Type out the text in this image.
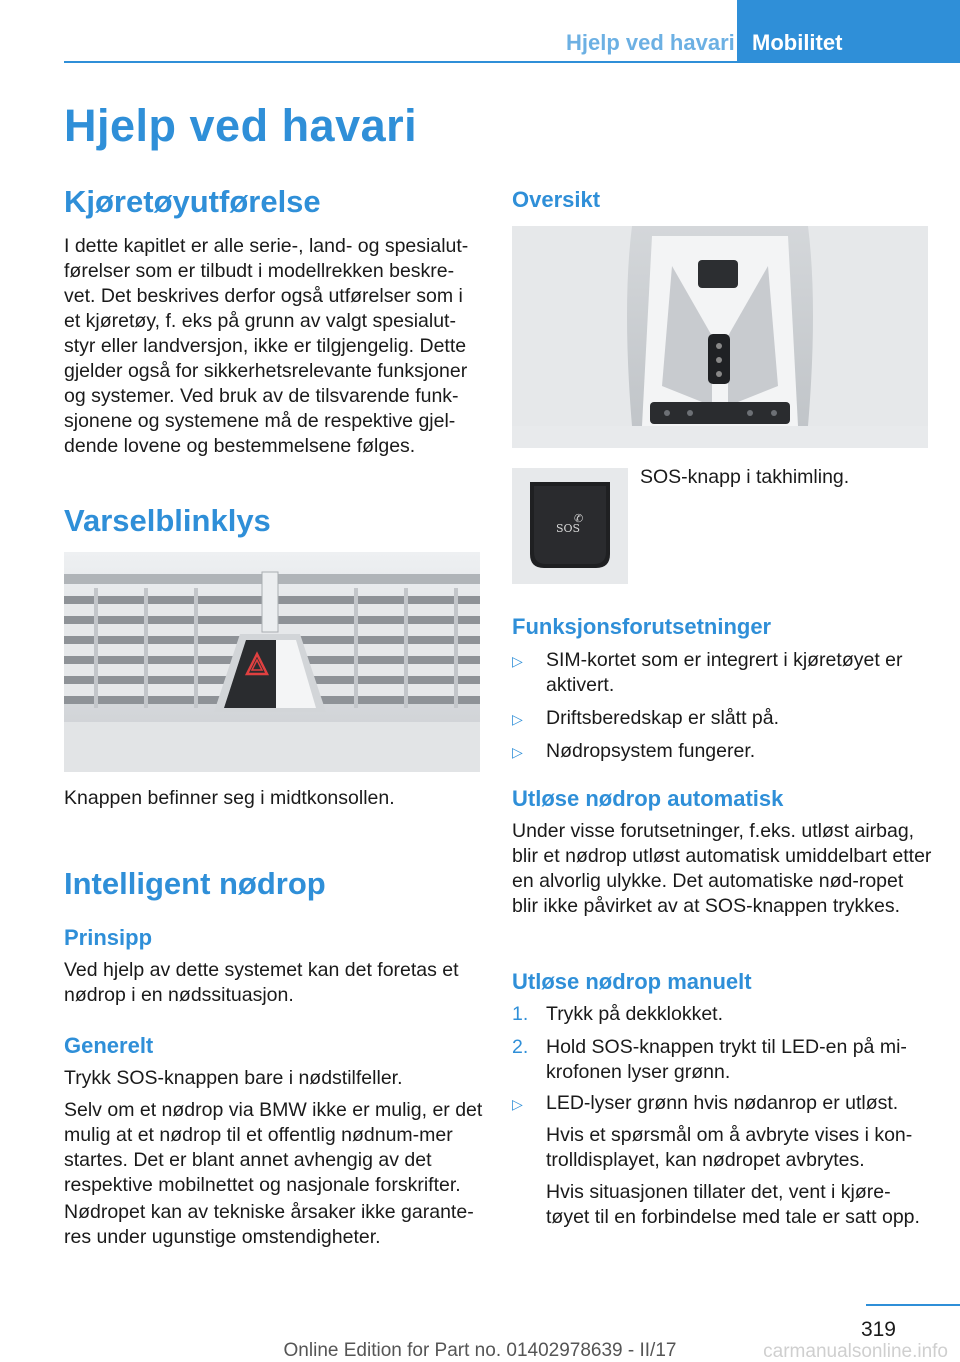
Hjelp ved havari Mobilitet
Hjelp ved havari
Kjøretøyutførelse
I dette kapitlet er alle serie-, land- og spesialut-førelser som er tilbudt i modellrekken beskre-vet. Det beskrives derfor også utførelser som i et kjøretøy, f. eks på grunn av valgt spesialut-styr eller landversjon, ikke er tilgjengelig. Dette gjelder også for sikkerhetsrelevante funksjoner og systemer. Ved bruk av de tilsvarende funk-sjonene og systemene må de respektive gjel-dende lovene og bestemmelsene følges.
Varselblinklys
Knappen befinner seg i midtkonsollen.
Intelligent nødrop
Prinsipp
Ved hjelp av dette systemet kan det foretas et nødrop i en nødssituasjon.
Generelt
Trykk SOS-knappen bare i nødstilfeller.
Selv om et nødrop via BMW ikke er mulig, er det mulig at et nødrop til et offentlig nødnum-mer startes. Det er blant annet avhengig av det respektive mobilnettet og nasjonale forskrifter.
Nødropet kan av tekniske årsaker ikke garante-res under ugunstige omstendigheter.
Oversikt
SOS
✆
SOS-knapp i takhimling.
Funksjonsforutsetninger
▷	SIM-kortet som er integrert i kjøretøyet er aktivert.
▷	Driftsberedskap er slått på.
▷	Nødropsystem fungerer.
Utløse nødrop automatisk
Under visse forutsetninger, f.eks. utløst airbag, blir et nødrop utløst automatisk umiddelbart etter en alvorlig ulykke. Det automatiske nød-ropet blir ikke påvirket av at SOS-knappen trykkes.
Utløse nødrop manuelt
1. Trykk på dekklokket.
2. Hold SOS-knappen trykt til LED-en på mi-krofonen lyser grønn.
▷	LED-lyser grønn hvis nødanrop er utløst.
Hvis et spørsmål om å avbryte vises i kon-trolldisplayet, kan nødropet avbrytes.
Hvis situasjonen tillater det, vent i kjøre-tøyet til en forbindelse med tale er satt opp.
319
Online Edition for Part no. 01402978639 - II/17	carmanualsonline.info
